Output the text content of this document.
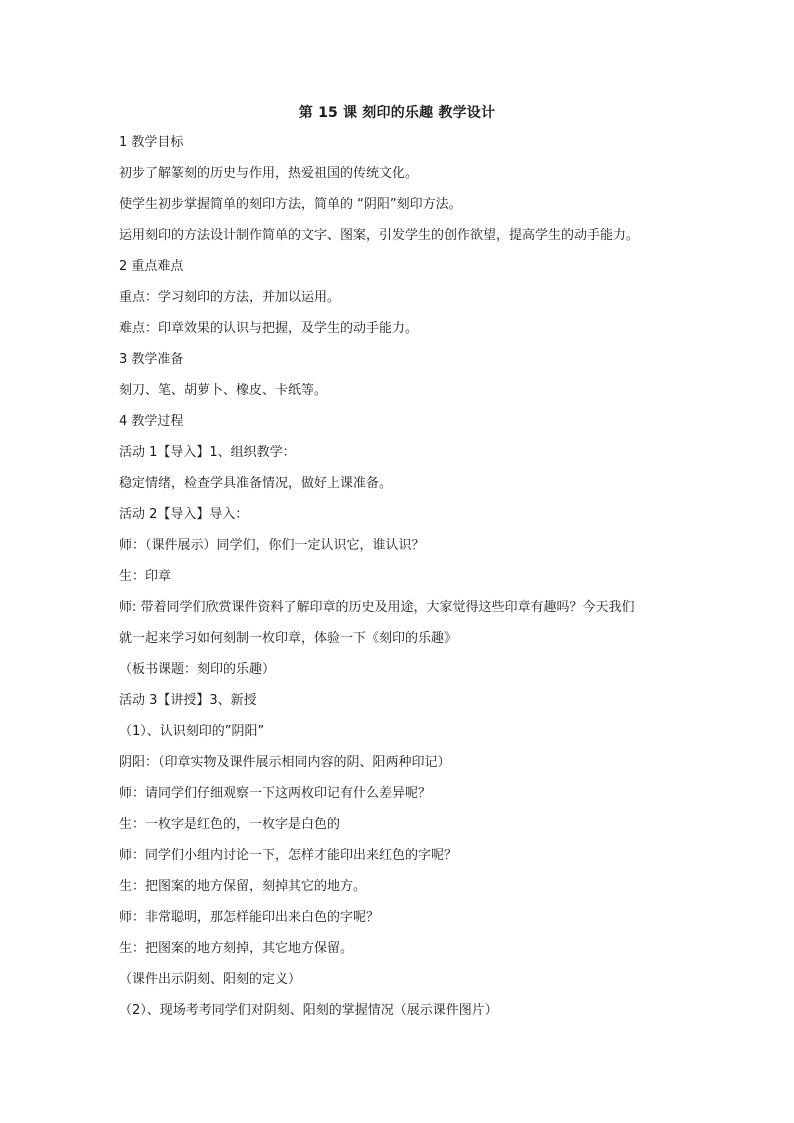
第 15 课 刻印的乐趣 教学设计
1 教学目标
初步了解篆刻的历史与作用，热爱祖国的传统文化。
使学生初步掌握简单的刻印方法，简单的 “阴阳”刻印方法。
运用刻印的方法设计制作简单的文字、图案，引发学生的创作欲望，提高学生的动手能力。
2 重点难点
重点：学习刻印的方法，并加以运用。
难点：印章效果的认识与把握，及学生的动手能力。
3 教学准备
刻刀、笔、胡萝卜、橡皮、卡纸等。
4 教学过程
活动 1【导入】1、组织教学：
稳定情绪，检查学具准备情况，做好上课准备。
活动 2【导入】导入：
师：（课件展示）同学们，你们一定认识它，谁认识？
生：印章
师: 带着同学们欣赏课件资料了解印章的历史及用途，大家觉得这些印章有趣吗？今天我们
就一起来学习如何刻制一枚印章，体验一下《刻印的乐趣》
（板书课题：刻印的乐趣）
活动 3【讲授】3、新授
（1）、认识刻印的”阴阳”
阴阳：（印章实物及课件展示相同内容的阴、阳两种印记）
师：请同学们仔细观察一下这两枚印记有什么差异呢？
生：一枚字是红色的，一枚字是白色的
师：同学们小组内讨论一下，怎样才能印出来红色的字呢？
生：把图案的地方保留，刻掉其它的地方。
师：非常聪明，那怎样能印出来白色的字呢？
生：把图案的地方刻掉，其它地方保留。
（课件出示阴刻、阳刻的定义）
（2）、现场考考同学们对阴刻、阳刻的掌握情况（展示课件图片）
